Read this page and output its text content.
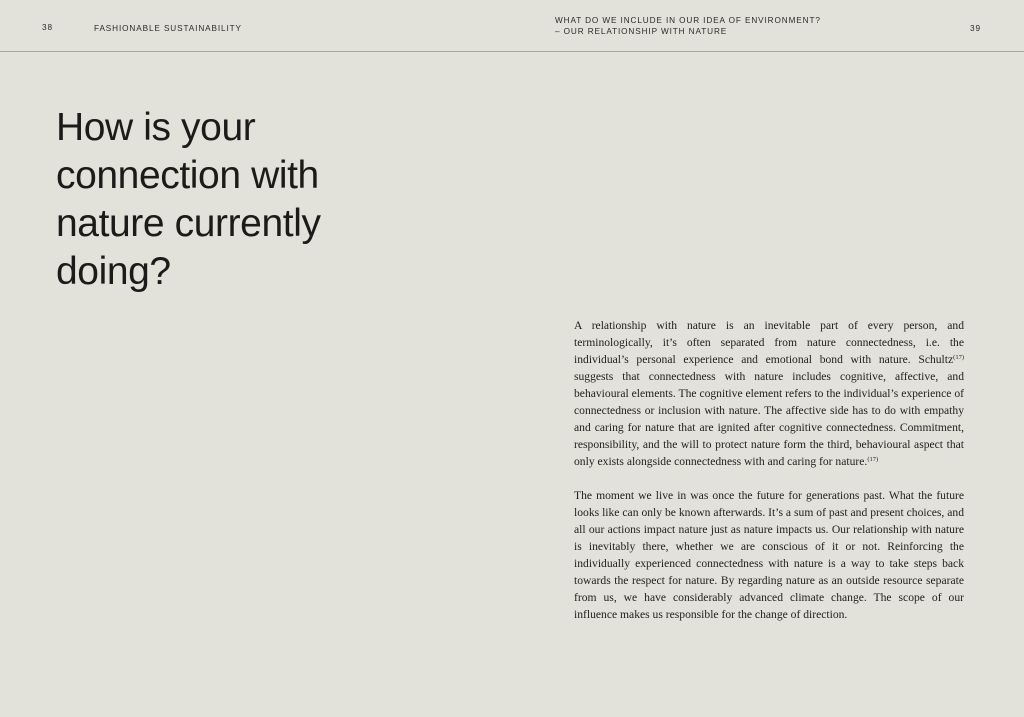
38	FASHIONABLE SUSTAINABILITY
WHAT DO WE INCLUDE IN OUR IDEA OF ENVIRONMENT?
– OUR RELATIONSHIP WITH NATURE	39
How is your
connection with
nature currently
doing?

A relationship with nature is an inevitable part of every person, and terminologically, it’s often separated from nature connectedness, i.e. the individual’s personal experience and emotional bond with nature. Schultz$^{(17)}$ suggests that connectedness with nature includes cognitive, affective, and behavioural elements. The cognitive element refers to the individual’s experience of connectedness or inclusion with nature. The affective side has to do with empathy and caring for nature that are ignited after cognitive connectedness. Commitment, responsibility, and the will to protect nature form the third, behavioural aspect that only exists alongside connectedness with and caring for nature.$^{(17)}$

The moment we live in was once the future for generations past. What the future looks like can only be known afterwards. It’s a sum of past and present choices, and all our actions impact nature just as nature impacts us. Our relationship with nature is inevitably there, whether we are conscious of it or not. Reinforcing the individually experienced connectedness with nature is a way to take steps back towards the respect for nature. By regarding nature as an outside resource separate from us, we have considerably advanced climate change. The scope of our influence makes us responsible for the change of direction.
